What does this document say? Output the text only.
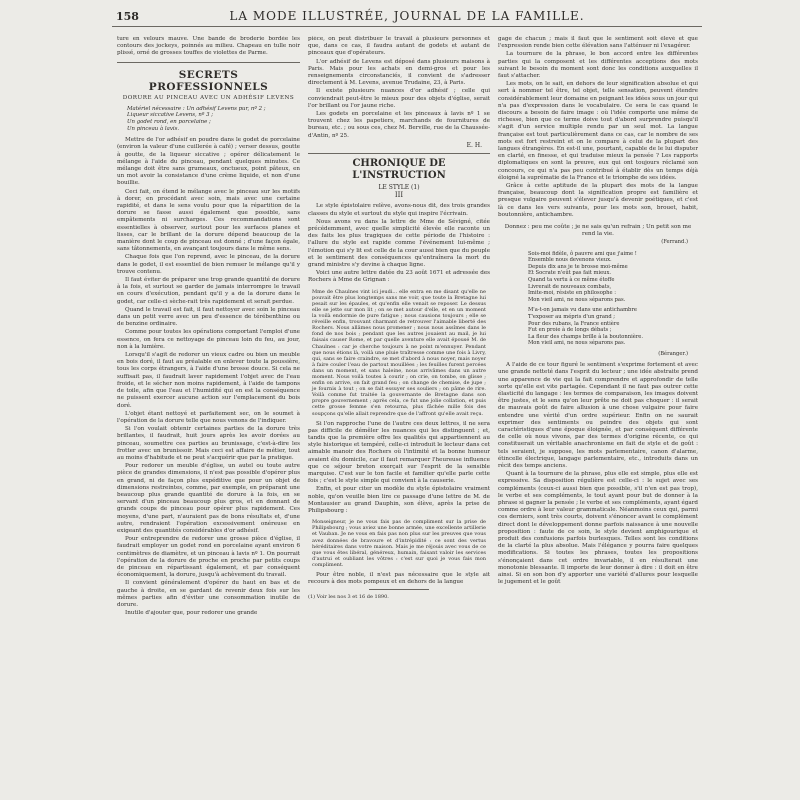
158	LA MODE ILLUSTRÉE, JOURNAL DE LA FAMILLE.

ture en velours mauve. Une bande de broderie bordée les contours des jockeys, poinnés au milieu. Chapeau en tulle noir plissé, orné de grosses touffes de violettes de Parme.

SECRETS PROFESSIONNELS
DORURE AU PINCEAU AVEC UN ADHÉSIF LEVENS
Matériel nécessaire : Un adhésif Levens pur, nº 2 ;
Liqueur siccative Levens, nº 3 ;
Un godet rond, en porcelaine ;
Un pinceau à lavis.

Mettre de l'or adhésif en poudre dans le godet de porcelaine (environ la valeur d'une cuillerée à café) ; verser dessus, goutte à goutte, de la liqueur siccative ; opérer délicatement le mélange à l'aide du pinceau, pendant quelques minutes. Ce mélange doit être sans grumeaux, onctueux, point pâteux, en un mot avoir la consistance d'une crème liquide, et non d'une bouillie.

Ceci fait, on étend le mélange avec le pinceau sur les motifs à dorer, en procédant avec soin, mais avec une certaine rapidité, et dans le sens voulu pour que la répartition de la dorure se fasse aussi également que possible, sans empâtements ni surcharges. Ces recommandations sont essentielles à observer, surtout pour les surfaces planes et lisses, car le brillant de la dorure dépend beaucoup de la manière dont le coup de pinceau est donné ; d'une façon égale, sans tâtonnements, en avançant toujours dans le même sens.

Chaque fois que l'on reprend, avec le pinceau, de la dorure dans le godet, il est essentiel de bien remuer le mélange qu'il y trouve contenu.

Il faut éviter de préparer une trop grande quantité de dorure à la fois, et surtout se garder de jamais interrompre le travail en cours d'exécution, pendant qu'il y a de la dorure dans le godet, car celle-ci sèche-rait très rapidement et serait perdue.

Quand le travail est fait, il faut nettoyer avec soin le pinceau dans un petit verre avec un peu d'essence de térébenthine ou de benzine ordinaire.

Comme pour toutes les opérations comportant l'emploi d'une essence, on fera ce nettoyage de pinceau loin du feu, au jour, non à la lumière.

Lorsqu'il s'agit de redorer un vieux cadre ou bien un meuble en bois doré, il faut au préalable en enlever toute la poussière, tous les corps étrangers, à l'aide d'une brosse douce. Si cela ne suffisait pas, il faudrait laver rapidement l'objet avec de l'eau froide, et le sécher non moins rapidement, à l'aide de tampons de toile, afin que l'eau et l'humidité qui en est la conséquence ne puissent exercer aucune action sur l'emplacement du bois doré.

L'objet étant nettoyé et parfaitement sec, on le soumet à l'opération de la dorure telle que nous venons de l'indiquer.

Si l'on voulait obtenir certaines parties de la dorure très brillantes, il faudrait, huit jours après les avoir dorées au pinceau, soumettre ces parties au brunissage, c'est-à-dire les frotter avec un brunissoir. Mais ceci est affaire de métier, tout au moins d'habitude et ne peut s'acquérir que par la pratique.

Pour redorer un meuble d'église, un autel ou toute autre pièce de grandes dimensions, il n'est pas possible d'opérer plus en grand, ni de façon plus expéditive que pour un objet de dimensions restreintes, comme, par exemple, en préparant une beaucoup plus grande quantité de dorure à la fois, en se servant d'un pinceau beaucoup plus gros, et en donnant de grands coups de pinceau pour opérer plus rapidement. Ces moyens, d'une part, n'auraient pas de bons résultats et, d'une autre, rendraient l'opération excessivement onéreuse en exigeant des quantités considérables d'or adhésif.

Pour entreprendre de redorer une grosse pièce d'église, il faudrait employer un godet rond en porcelaine ayant environ 6 centimètres de diamètre, et un pinceau à lavis nº 1. On pourrait l'opération de la dorure de proche en proche par petits coups de pinceau en répartissant également, et par conséquent économiquement, la dorure, jusqu'à achèvement du travail.

Il convient généralement d'opérer du haut en bas et de gauche à droite, en se gardant de revenir deux fois sur les mêmes parties afin d'éviter une consommation inutile de dorure.

Inutile d'ajouter que, pour redorer une grande

pièce, on peut distribuer le travail à plusieurs personnes et que, dans ce cas, il faudra autant de godets et autant de pinceaux que d'opérateurs.

L'or adhésif de Levens est déposé dans plusieurs maisons à Paris. Mais pour les achats en demi-gros et pour les renseignements circonstanciés, il convient de s'adresser directement à M. Levens, avenue Trudaine, 23, à Paris.

Il existe plusieurs nuances d'or adhésif ; celle qui conviendrait peut-être le mieux pour des objets d'église, serait l'or brillant ou l'or jaune riche.

Les godets en porcelaine et les pinceaux à lavis nº 1 se trouvent chez les papetiers, marchands de fournitures de bureau, etc. ; ou sous ces, chez M. Berville, rue de la Chaussée-d'Antin, nº 25.

E. H.
CHRONIQUE DE L'INSTRUCTION
LE STYLE (1)
III

Le style épistolaire relève, avons-nous dit, des trois grandes classes du style et surtout du style qui inspire l'écrivain.

Nous avons vu dans la lettre de Mme de Sévigné, citée précédemment, avec quelle simplicité élevée elle raconte un des faits les plus tragiques de cette période de l'histoire : l'allure du style est rapide comme l'événement lui-même ; l'émotion qui s'y lit est celle de la cour aussi bien que du peuple et le sentiment des conséquences qu'entraînera la mort du grand ministre s'y devine à chaque ligne.

Voici une autre lettre datée du 23 août 1671 et adressée des Rochers à Mme de Grignan :

Mme de Chaulnes vint ici jeudi... elle entra en me disant qu'elle ne pouvait être plus longtemps sans me voir, que toute la Bretagne lui pesait sur les épaules, et qu'enfin elle venait se reposer. Le dessus elle se jette sur mon lit ; on se met autour d'elle, et en un moment la voilà endormie de pure fatigue ; nous causions toujours ; elle se réveille enfin, trouvant charmant de retrouver l'aimable liberté des Rochers. Nous allâmes nous promener ; nous nous assîmes dans le fond de nos bois ; pendant que les autres jouaient au mail, je lui faisais causer Rome, et par quelle aventure elle avait épousé M. de Chaulnes : car je cherche toujours à ne point m'ennuyer. Pendant que nous étions là, voilà une pluie traîtresse comme une fois à Livry, qui, sans se faire craindre, se met d'abord à nous noyer, mais noyer à faire couler l'eau de partout mouillées ; les feuilles furent percées dans un moment, et sans haleine, nous arrivâmes dans un autre moment. Nous voilà toutes à courir ; on crie, on tombe, on glisse ; enfin on arrive, on fait grand feu ; on change de chemise, de jupe ; je fournis à tout ; on se fait essuyer ses souliers ; on pâme de rire. Voilà comme fut traitée la gouvernante de Bretagne dans son propre gouvernement ; après cela, ce fut une jolie collation, et puis cette grosse femme s'en retourna, plus fâchée mille fois des soupçons qu'elle allait reprendre que de l'affront qu'elle avait reçu.

Si l'on rapproche l'une de l'autre ces deux lettres, il ne sera pas difficile de démêler les nuances qui les distinguent ; et, tandis que la première offre les qualités qui appartiennent au style historique et tempéré, celle-ci introduit le lecteur dans cet aimable manoir des Rochers où l'intimité et la bonne humeur avaient élu domicile, car il faut remarquer l'heureuse influence que ce séjour breton exerçait sur l'esprit de la sensible marquise. C'est sur le ton facile et familier qu'elle parle cette fois ; c'est le style simple qui convient à la causerie.

Enfin, et pour citer un modèle du style épistolaire vraiment noble, qu'on veuille bien lire ce passage d'une lettre de M. de Montausier au grand Dauphin, son élève, après la prise de Philipsbourg :

Monseigneur, je ne vous fais pas de compliment sur la prise de Philipsbourg ; vous aviez une bonne armée, une excellente artillerie et Vauban. Je ne vous en fais pas non plus sur les preuves que vous avez données de bravoure et d'intrépidité : ce sont des vertus héréditaires dans votre maison. Mais je me réjouis avec vous de ce que vous êtes libéral, généreux, humain, faisant valoir les services d'autrui et oubliant les vôtres : c'est sur quoi je vous fais mon compliment.

Pour être noble, il n'est pas nécessaire que le style ait recours à des mots pompeux et en dehors de la langue

(1) Voir les nos 3 et 16 de 1890.

gage de chacun ; mais il faut que le sentiment soit élevé et que l'expression rende bien cette élévation sans l'atténuer ni l'exagérer.

La tournure de la phrase, le bon accord entre les différentes parties qui la composent et les différentes acceptions des mots suivant le besoin du moment sont donc les conditions auxquelles il faut s'attacher.

Les mots, on le sait, en dehors de leur signification absolue et qui sert à nommer tel être, tel objet, telle sensation, peuvent étendre considérablement leur domaine en peignant les idées sous un jour qui n'a pas d'expression dans le vocabulaire. Ce sera le cas quand le discours a besoin de faire image : où l'idée comporte une même de richesse, bien que ce terme doive tout d'abord surprendre puisqu'il s'agit d'un service multiple rendu par un seul mot. La langue française est tout particulièrement dans ce cas, car le nombre de ses mots est fort restreint et on le compare à celui de la plupart des langues étrangères. En est-il une, pourtant, capable de le lui disputer en clarté, en finesse, et qui traduise mieux la pensée ? Les rapports diplomatiques en sont la preuve, eux qui ont toujours réclamé son concours, ce qui n'a pas peu contribué à établir dès un temps déjà éloigné la suprématie de la France et le triomphe de ses idées.

Grâce à cette aptitude de la plupart des mots de la langue française, beaucoup dont la signification propre est familière et presque vulgaire peuvent s'élever jusqu'à devenir poétiques, et c'est là ce dans les vers suivants, pour les mots son, brouet, habit, boutonnière, antichambre.

Donnez : peu me coûte ; je ne sais qu'un refrain ; Un petit son me rend la vie.
(Ferrand.)
Sois-moi fidèle, ô pauvre ami que j'aime !
Ensemble nous devenons vieux.
Depuis dix ans je te brosse moi-même
Et Socrate n'eût pas fait mieux.
Quand ta vertu à ce même étoffe
Livrerait de nouveaux combats,
Imite-moi, résiste en philosophe :
Mon vieil ami, ne nous séparons pas.
M'a-t-on jamais vu dans une antichambre
T'exposer au mépris d'un grand ;
Pour des rubans, la France entière
Fut en proie à de longs débats ;
La fleur des champs brille à la boutonnière.
Mon vieil ami, ne nous séparons pas.
(Béranger.)

A l'aide de ce tour figuré le sentiment s'exprime fortement et avec une grande netteté dans l'esprit du lecteur ; une idée abstraite prend une apparence de vie qui la fait comprendre et approfondir de telle sorte qu'elle est vite partagée. Cependant il ne faut pas outrer cette élasticité du langage : les termes de comparaison, les images doivent être justes, et le sens qu'on leur prête ne doit pas choquer : il serait de mauvais goût de faire allusion à une chose vulgaire pour faire entendre une vérité d'un ordre supérieur. Enfin on ne saurait exprimer des sentiments ou peindre des objets qui sont caractéristiques d'une époque éloignée, et par conséquent différente de celle où nous vivons, par des termes d'origine récente, ce qui constituerait un véritable anachronisme en fait de style et de goût : tels seraient, je suppose, les mots parlementaire, canon d'alarme, étincelle électrique, langage parlementaire, etc., introduits dans un récit des temps anciens.

Quant à la tournure de la phrase, plus elle est simple, plus elle est expressive. Sa disposition régulière est celle-ci : le sujet avec ses compléments (ceux-ci aussi bien que possible, s'il n'en est pas trop), le verbe et ses compléments, le tout ayant pour but de donner à la phrase si gagner la pensée ; le verbe et ses compléments, ayant égard comme ordre à leur valeur grammaticale. Néanmoins ceux qui, parmi ces derniers, sont très courts, doivent s'énoncer avant le complément direct dont le développement donne parfois naissance à une nouvelle proposition : faute de ce soin, le style devient amphigourique et produit des confusions parfois burlesques. Telles sont les conditions de la clarté la plus absolue. Mais l'élégance y pourra faire quelques modifications. Si toutes les phrases, toutes les propositions s'énonçaient dans cet ordre invariable, il en résulterait une monotonie blessante. Il importe de leur donner à dire : il doit en être ainsi. Si en son bon d'y apporter une variété d'allures pour lesquelle le jugement et le goût
